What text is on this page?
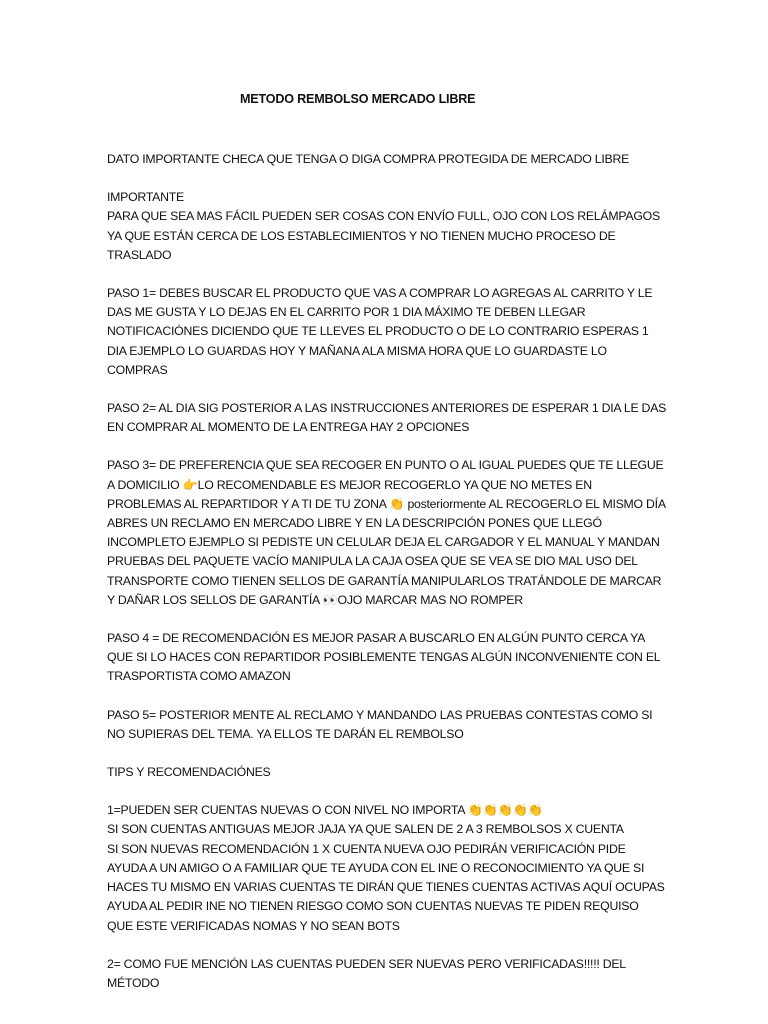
METODO REMBOLSO MERCADO LIBRE

DATO IMPORTANTE CHECA QUE TENGA O DIGA COMPRA PROTEGIDA DE MERCADO LIBRE

IMPORTANTE
PARA QUE SEA MAS FÁCIL PUEDEN SER COSAS CON ENVÍO FULL, OJO CON LOS RELÁMPAGOS YA QUE ESTÁN CERCA DE LOS ESTABLECIMIENTOS Y NO TIENEN MUCHO PROCESO DE TRASLADO

PASO 1= DEBES BUSCAR EL PRODUCTO QUE VAS A COMPRAR LO AGREGAS AL CARRITO Y LE DAS ME GUSTA Y LO DEJAS EN EL CARRITO POR 1 DIA MÁXIMO TE DEBEN LLEGAR NOTIFICACIÓNES DICIENDO QUE TE LLEVES EL PRODUCTO O DE LO CONTRARIO ESPERAS 1 DIA EJEMPLO LO GUARDAS HOY Y MAÑANA ALA MISMA HORA QUE LO GUARDASTE LO COMPRAS

PASO 2= AL DIA SIG POSTERIOR A LAS INSTRUCCIONES ANTERIORES DE ESPERAR 1 DIA LE DAS EN COMPRAR AL MOMENTO DE LA ENTREGA HAY 2 OPCIONES

PASO 3= DE PREFERENCIA QUE SEA RECOGER EN PUNTO O AL IGUAL PUEDES QUE TE LLEGUE A DOMICILIO 👉LO RECOMENDABLE ES MEJOR RECOGERLO YA QUE NO METES EN PROBLEMAS AL REPARTIDOR Y A TI DE TU ZONA 👏 posteriormente AL RECOGERLO EL MISMO DÍA ABRES UN RECLAMO EN MERCADO LIBRE Y EN LA DESCRIPCIÓN PONES QUE LLEGÓ INCOMPLETO EJEMPLO SI PEDISTE UN CELULAR DEJA EL CARGADOR Y EL MANUAL Y MANDAN PRUEBAS DEL PAQUETE VACÍO MANIPULA LA CAJA OSEA QUE SE VEA SE DIO MAL USO DEL TRANSPORTE COMO TIENEN SELLOS DE GARANTÍA MANIPULARLOS TRATÁNDOLE DE MARCAR Y DAÑAR LOS SELLOS DE GARANTÍA 👀OJO MARCAR MAS NO ROMPER

PASO 4 = DE RECOMENDACIÓN ES MEJOR PASAR A BUSCARLO EN ALGÚN PUNTO CERCA YA QUE SI LO HACES CON REPARTIDOR POSIBLEMENTE TENGAS ALGÚN INCONVENIENTE CON EL TRASPORTISTA COMO AMAZON

PASO 5= POSTERIOR MENTE AL RECLAMO Y MANDANDO LAS PRUEBAS CONTESTAS COMO SI NO SUPIERAS DEL TEMA. YA ELLOS TE DARÁN EL REMBOLSO

TIPS Y RECOMENDACIÓNES

1=PUEDEN SER CUENTAS NUEVAS O CON NIVEL NO IMPORTA 👏👏👏👏👏
SI SON CUENTAS ANTIGUAS MEJOR JAJA YA QUE SALEN DE 2 A 3 REMBOLSOS X CUENTA
SI SON NUEVAS RECOMENDACIÓN 1 X CUENTA NUEVA OJO PEDIRÁN VERIFICACIÓN PIDE AYUDA A UN AMIGO O A FAMILIAR QUE TE AYUDA CON EL INE O RECONOCIMIENTO YA QUE SI HACES TU MISMO EN VARIAS CUENTAS TE DIRÁN QUE TIENES CUENTAS ACTIVAS AQUÍ OCUPAS AYUDA AL PEDIR INE NO TIENEN RIESGO COMO SON CUENTAS NUEVAS TE PIDEN REQUISO QUE ESTE VERIFICADAS NOMAS Y NO SEAN BOTS

2= COMO FUE MENCIÓN LAS CUENTAS PUEDEN SER NUEVAS PERO VERIFICADAS!!!!! DEL MÉTODO
